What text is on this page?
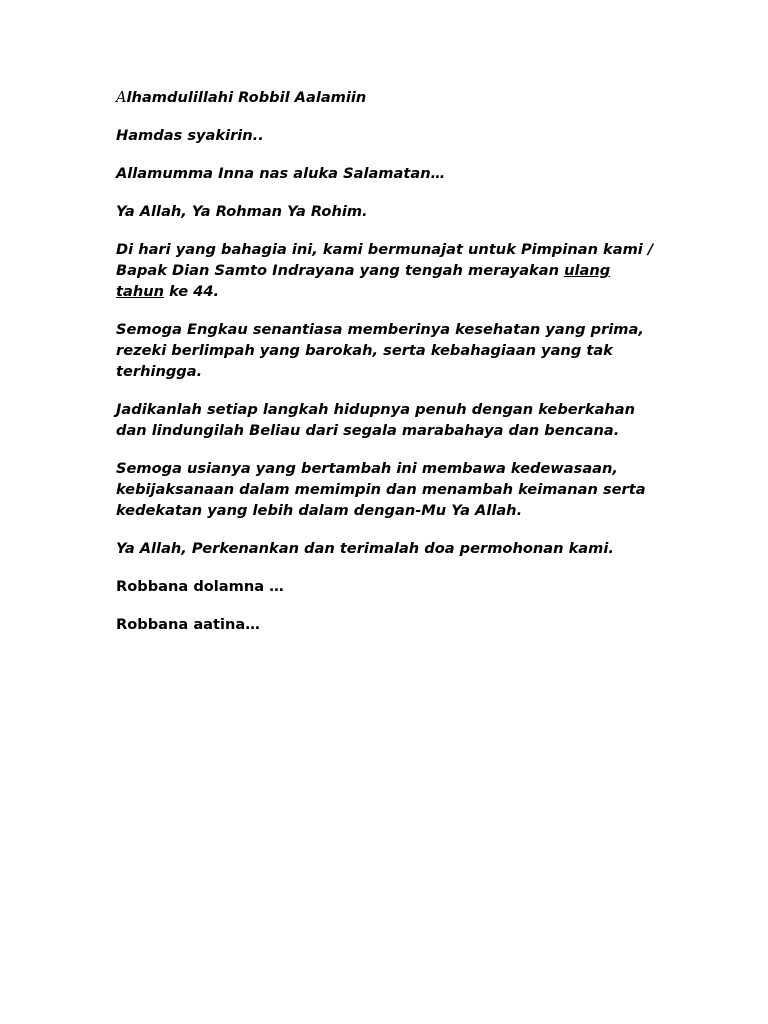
Alhamdulillahi Robbil Aalamiin

Hamdas syakirin..

Allamumma Inna nas aluka Salamatan…

Ya Allah, Ya Rohman Ya Rohim.

Di hari yang bahagia ini, kami bermunajat untuk Pimpinan kami / Bapak Dian Samto Indrayana yang tengah merayakan ulang tahun ke 44.

Semoga Engkau senantiasa memberinya kesehatan yang prima, rezeki berlimpah yang barokah, serta kebahagiaan yang tak terhingga.

Jadikanlah setiap langkah hidupnya penuh dengan keberkahan dan lindungilah Beliau dari segala marabahaya dan bencana.

Semoga usianya yang bertambah ini membawa kedewasaan, kebijaksanaan dalam memimpin dan menambah keimanan serta kedekatan yang lebih dalam dengan-Mu Ya Allah.

Ya Allah, Perkenankan dan terimalah doa permohonan kami.

Robbana dolamna …

Robbana aatina…
